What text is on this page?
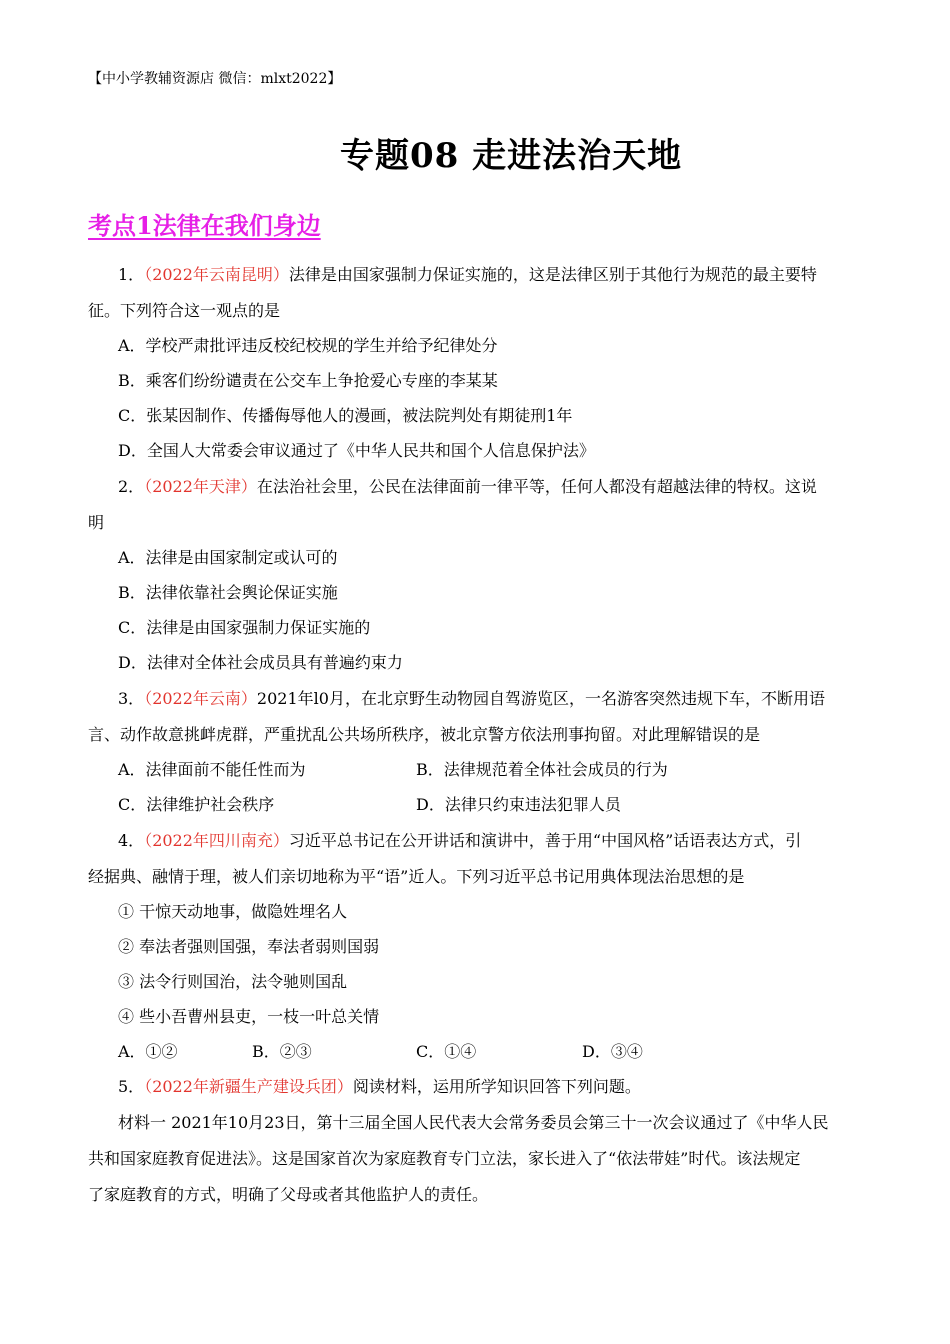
【中小学教辅资源店 微信：mlxt2022】
专题08 走进法治天地
考点1法律在我们身边
1．（2022年云南昆明）法律是由国家强制力保证实施的，这是法律区别于其他行为规范的最主要特
征。下列符合这一观点的是
A．学校严肃批评违反校纪校规的学生并给予纪律处分
B．乘客们纷纷谴责在公交车上争抢爱心专座的李某某
C．张某因制作、传播侮辱他人的漫画，被法院判处有期徒刑1年
D．全国人大常委会审议通过了《中华人民共和国个人信息保护法》
2．（2022年天津）在法治社会里，公民在法律面前一律平等，任何人都没有超越法律的特权。这说
明
A．法律是由国家制定或认可的
B．法律依靠社会舆论保证实施
C．法律是由国家强制力保证实施的
D．法律对全体社会成员具有普遍约束力
3．（2022年云南）2021年l0月，在北京野生动物园自驾游览区，一名游客突然违规下车，不断用语
言、动作故意挑衅虎群，严重扰乱公共场所秩序，被北京警方依法刑事拘留。对此理解错误的是
A．法律面前不能任性而为	B．法律规范着全体社会成员的行为
C．法律维护社会秩序	D．法律只约束违法犯罪人员
4．（2022年四川南充）习近平总书记在公开讲话和演讲中，善于用“中国风格”话语表达方式，引
经据典、融情于理，被人们亲切地称为平“语”近人。下列习近平总书记用典体现法治思想的是
① 干惊天动地事，做隐姓埋名人
② 奉法者强则国强，奉法者弱则国弱
③ 法令行则国治，法令驰则国乱
④ 些小吾曹州县吏，一枝一叶总关情
A．①②	B．②③	C．①④	D．③④
5．（2022年新疆生产建设兵团）阅读材料，运用所学知识回答下列问题。
材料一 2021年10月23日，第十三届全国人民代表大会常务委员会第三十一次会议通过了《中华人民
共和国家庭教育促进法》。这是国家首次为家庭教育专门立法，家长进入了“依法带娃”时代。该法规定
了家庭教育的方式，明确了父母或者其他监护人的责任。
